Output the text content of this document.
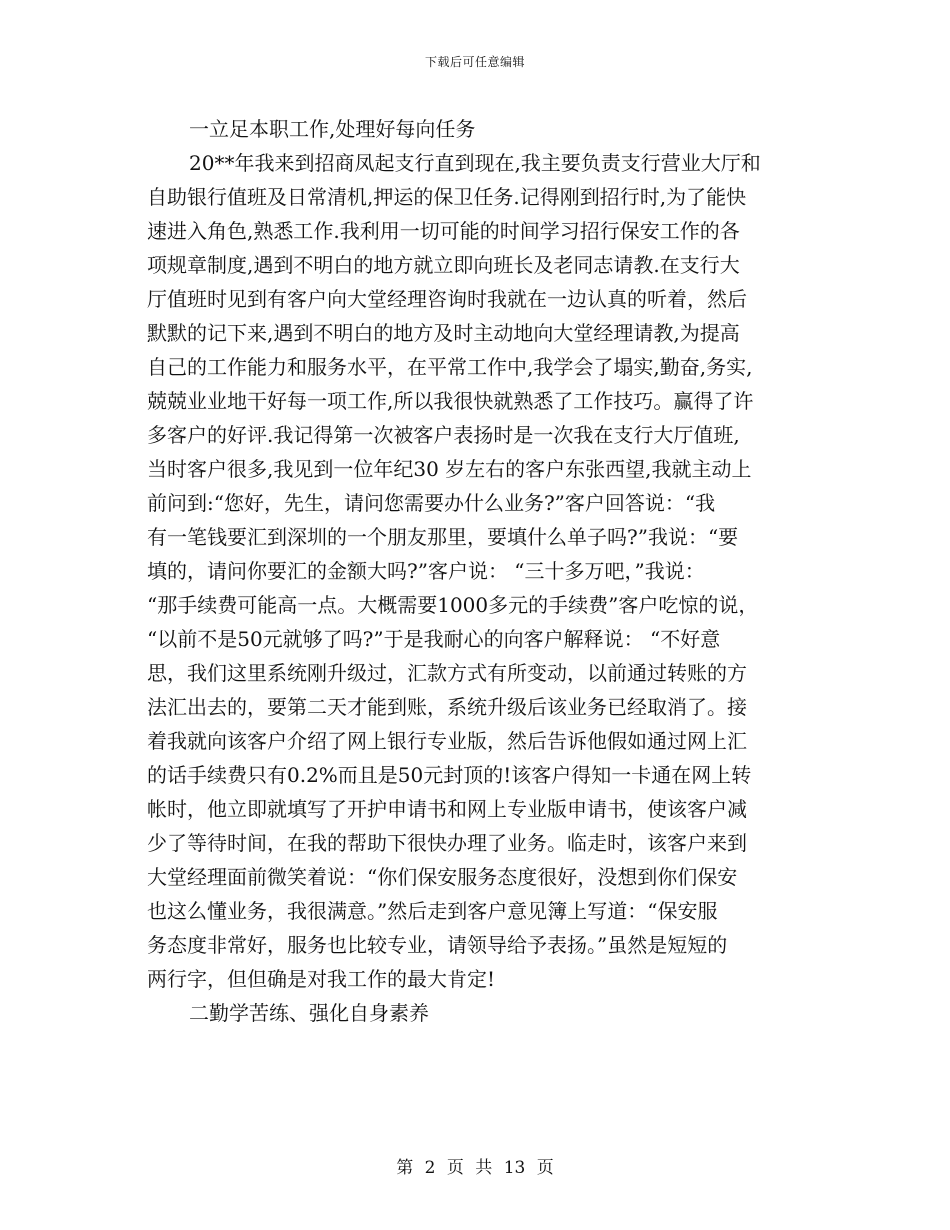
下载后可任意编辑
一立足本职工作,处理好每向任务
20**年我来到招商凤起支行直到现在,我主要负责支行营业大厅和
自助银行值班及日常清机,押运的保卫任务.记得刚到招行时,为了能快
速进入角色,熟悉工作.我利用一切可能的时间学习招行保安工作的各
项规章制度,遇到不明白的地方就立即向班长及老同志请教.在支行大
厅值班时见到有客户向大堂经理咨询时我就在一边认真的听着，然后
默默的记下来,遇到不明白的地方及时主动地向大堂经理请教,为提高
自己的工作能力和服务水平，在平常工作中,我学会了塌实,勤奋,务实,
兢兢业业地干好每一项工作,所以我很快就熟悉了工作技巧。赢得了许
多客户的好评.我记得第一次被客户表扬时是一次我在支行大厅值班,
当时客户很多,我见到一位年纪30 岁左右的客户东张西望,我就主动上
前问到:“您好，先生，请问您需要办什么业务?”客户回答说：“我
有一笔钱要汇到深圳的一个朋友那里，要填什么单子吗?”我说：“要
填的，请问你要汇的金额大吗?”客户说： “三十多万吧，”我说：
“那手续费可能高一点。大概需要1000多元的手续费”客户吃惊的说，
“以前不是50元就够了吗?”于是我耐心的向客户解释说： “不好意
思，我们这里系统刚升级过，汇款方式有所变动，以前通过转账的方
法汇出去的，要第二天才能到账，系统升级后该业务已经取消了。接
着我就向该客户介绍了网上银行专业版，然后告诉他假如通过网上汇
的话手续费只有0.2%而且是50元封顶的!该客户得知一卡通在网上转
帐时，他立即就填写了开护申请书和网上专业版申请书，使该客户减
少了等待时间，在我的帮助下很快办理了业务。临走时，该客户来到
大堂经理面前微笑着说：“你们保安服务态度很好，没想到你们保安
也这么懂业务，我很满意。”然后走到客户意见簿上写道：“保安服
务态度非常好，服务也比较专业，请领导给予表扬。”虽然是短短的
两行字，但但确是对我工作的最大肯定!
二勤学苦练、强化自身素养
第 2 页 共 13 页
